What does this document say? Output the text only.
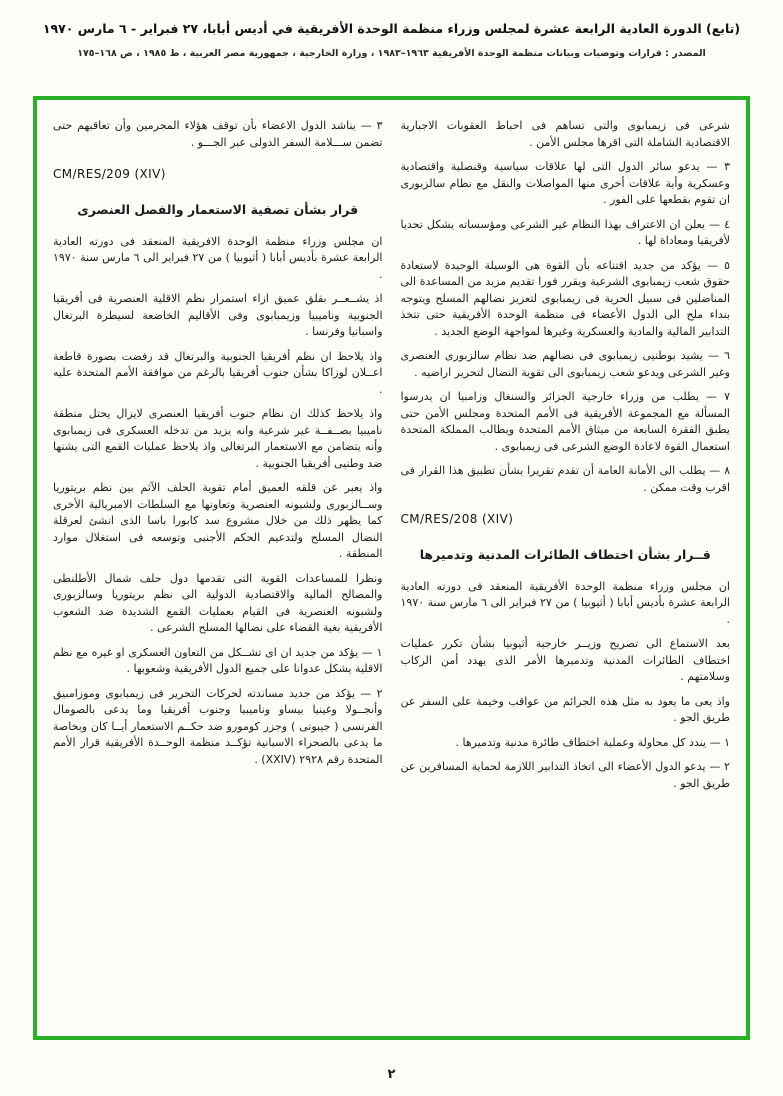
(تابع) الدورة العادية الرابعة عشرة لمجلس وزراء منظمة الوحدة الأفريقية في أديس أبابا، ٢٧ فبراير - ٦ مارس ١٩٧٠
المصدر : قرارات وتوصيات وبيانات منظمة الوحدة الأفريقية ١٩٦٣–١٩٨٣ ، وزارة الخارجية ، جمهورية مصر العربية ، ط ١٩٨٥ ، ص ١٦٨–١٧٥
شرعى فى زيمبابوى والتى تساهم فى احباط العقوبات الاجبارية الاقتصادية الشاملة التى اقرها مجلس الأمن .
٣ — يدعو سائر الدول التى لها علاقات سياسية وقنصلية واقتصادية وعسكرية وأية علاقات أخرى منها المواصلات والنقل مع نظام سالزبورى ان تقوم بقطعها على الفور .
٤ — يعلن ان الاعتراف بهذا النظام غير الشرعى ومؤسساته يشكل تحديا لأفريقيا ومعاداة لها .
٥ — يؤكد من جديد اقتناعه بأن القوة هى الوسيلة الوحيدة لاستعادة حقوق شعب زيمبابوى الشرعية ويقرر فورا تقديم مزيد من المساعدة الى المناضلين فى سبيل الحرية فى زيمبابوى لتعزيز نضالهم المسلح ويتوجه بنداء ملح الى الدول الأعضاء فى منظمة الوحدة الأفريقية حتى تتخذ التدابير المالية والمادية والعسكرية وغيرها لمواجهة الوضع الجديد .
٦ — يشيد بوطنيى زيمبابوى فى نضالهم ضد نظام سالزبورى العنصرى وغير الشرعى ويدعو شعب زيمبابوى الى تقوية النضال لتحرير اراضيه .
٧ — يطلب من وزراء خارجية الجزائر والسنغال وزامبيا ان يدرسوا المسألة مع المجموعة الأفريقية فى الأمم المتحدة ومجلس الأمن حتى يطبق الفقرة السابعة من ميثاق الأمم المتحدة ويطالب المملكة المتحدة استعمال القوة لاعادة الوضع الشرعى فى زيمبابوى .
٨ — يطلب الى الأمانة العامة أن تقدم تقريرا بشأن تطبيق هذا القرار فى اقرب وقت ممكن .
CM/RES/208 (XIV)
قــرار بشأن اختطاف الطائرات المدنية وتدميرها
ان مجلس وزراء منظمة الوحدة الأفريقية المنعقد فى دورته العادية الرابعة عشرة بأديس أبابا ( أثيوبيا ) من ٢٧ فبراير الى ٦ مارس سنة ١٩٧٠ .
بعد الاستماع الى تصريح وزيــر خارجية أثيوبيا بشأن تكرر عمليات اختطاف الطائرات المدنية وتدميرها الأمر الذى يهدد أمن الركاب وسلامتهم .
واذ يعى ما يعود به مثل هذه الجرائم من عواقب وخيمة على السفر عن طريق الجو .
١ — يندد كل محاولة وعملية اختطاف طائرة مدنية وتدميرها .
٢ — يدعو الدول الأعضاء الى اتخاذ التدابير اللازمة لحماية المسافرين عن طريق الجو .
٣ — يناشد الدول الاعضاء بأن توقف هؤلاء المجرمين وأن تعاقبهم حتى تضمن ســـلامة السفر الدولى عبر الجـــو .
CM/RES/209 (XIV)
قرار بشأن تصفية الاستعمار والفصل العنصرى
ان مجلس وزراء منظمة الوحدة الافريقية المنعقد فى دورته العادية الرابعة عشرة بأديس أبابا ( أثيوبيا ) من ٢٧ فبراير الى ٦ مارس سنة ١٩٧٠ .
اذ يشــعــر بقلق عميق ازاء استمرار نظم الاقلية العنصرية فى أفريقيا الجنوبية وناميبيا وزيمبابوى وفى الأقاليم الخاضعة لسيطرة البرتغال واسبانيا وفرنسا .
واذ يلاحظ ان نظم أفريقيا الجنوبية والبرتغال قد رفضت بصورة قاطعة اعــلان لوزاكا بشأن جنوب أفريقيا بالرغم من موافقة الأمم المتحدة عليه .
واذ يلاحظ كذلك ان نظام جنوب أفريقيا العنصرى لايزال يحتل منطقة ناميبيا بصــفــة غير شرعية وانه يزيد من تدخله العسكرى فى زيمبابوى وأنه يتضامن مع الاستعمار البرتغالى واذ يلاحظ عمليات القمع التى يشنها ضد وطنيى أفريقيا الجنوبية .
واذ يعبر عن قلقه العميق أمام تقوية الحلف الآثم بين نظم بريتوريا وســالزبورى ولشبونه العنصرية وتعاونها مع السلطات الامبريالية الأخرى كما يظهر ذلك من خلال مشروع سد كابورا باسا الذى انشئ لعرقلة النضال المسلح ولتدعيم الحكم الأجنبى وتوسعه فى استغلال موارد المنطقة .
ونظرا للمساعدات القوية التى تقدمها دول حلف شمال الأطلنطى والمصالح المالية والاقتصادية الدولية الى نظم بريتوريا وسالزبورى ولشبونه العنصرية فى القيام بعمليات القمع الشديدة ضد الشعوب الأفريقية بغية القضاء على نضالها المسلح الشرعى .
١ — يؤكد من جديد ان اى تشــكل من التعاون العسكرى او غيره مع نظم الاقلية يشكل عدوانا على جميع الدول الأفريقية وشعوبها .
٢ — يؤكد من جديد مساندته لحركات التحرير فى زيمبابوى وموزامبيق وأنجــولا وغينيا بيساو وناميبيا وجنوب أفريقيا وما يدعى بالصومال الفرنسى ( جيبوتى ) وجزر كومورو ضد حكــم الاستعمار أيــا كان وبخاصة ما يدعى بالصحراء الاسبانية تؤكــد منظمة الوحــدة الأفريقية قرار الأمم المتحدة رقم ٢٩٢٨ (XXIV) .
٢
